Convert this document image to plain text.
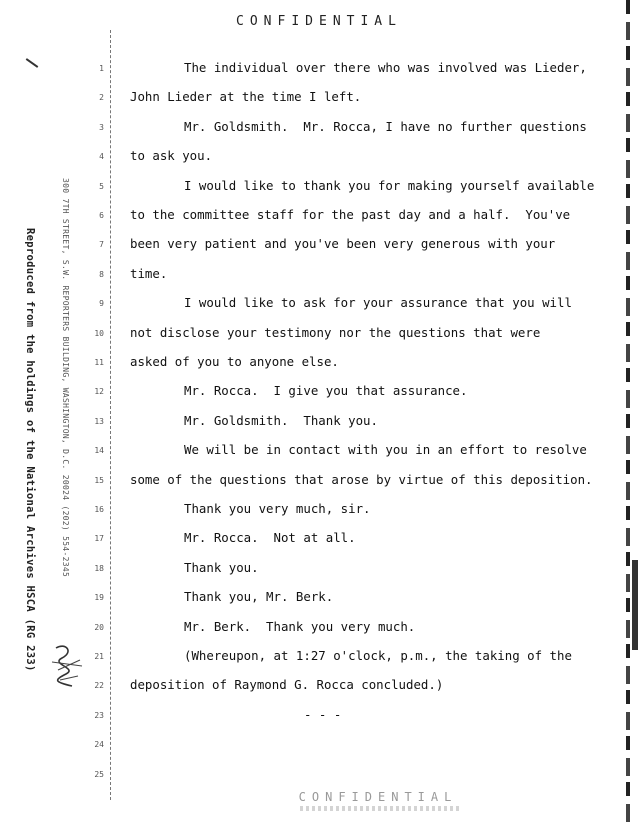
CONFIDENTIAL
Reproduced from the holdings of the National Archives HSCA (RG 233)	300 7TH STREET, S.W. REPORTERS BUILDING, WASHINGTON, D.C. 20024 (202) 554-2345
1	The individual over there who was involved was Lieder,
2 John Lieder at the time I left.
3	Mr. Goldsmith.  Mr. Rocca, I have no further questions
4 to ask you.
5	I would like to thank you for making yourself available
6 to the committee staff for the past day and a half.  You've
7 been very patient and you've been very generous with your
8 time.
9	I would like to ask for your assurance that you will
10 not disclose your testimony nor the questions that were
11 asked of you to anyone else.
12	Mr. Rocca.  I give you that assurance.
13	Mr. Goldsmith.  Thank you.
14	We will be in contact with you in an effort to resolve
15 some of the questions that arose by virtue of this deposition.
16	Thank you very much, sir.
17	Mr. Rocca.  Not at all.
18	Thank you.
19	Thank you, Mr. Berk.
20	Mr. Berk.  Thank you very much.
21	(Whereupon, at 1:27 o'clock, p.m., the taking of the
22 deposition of Raymond G. Rocca concluded.)
23	- - -
24
25
CONFIDENTIAL
